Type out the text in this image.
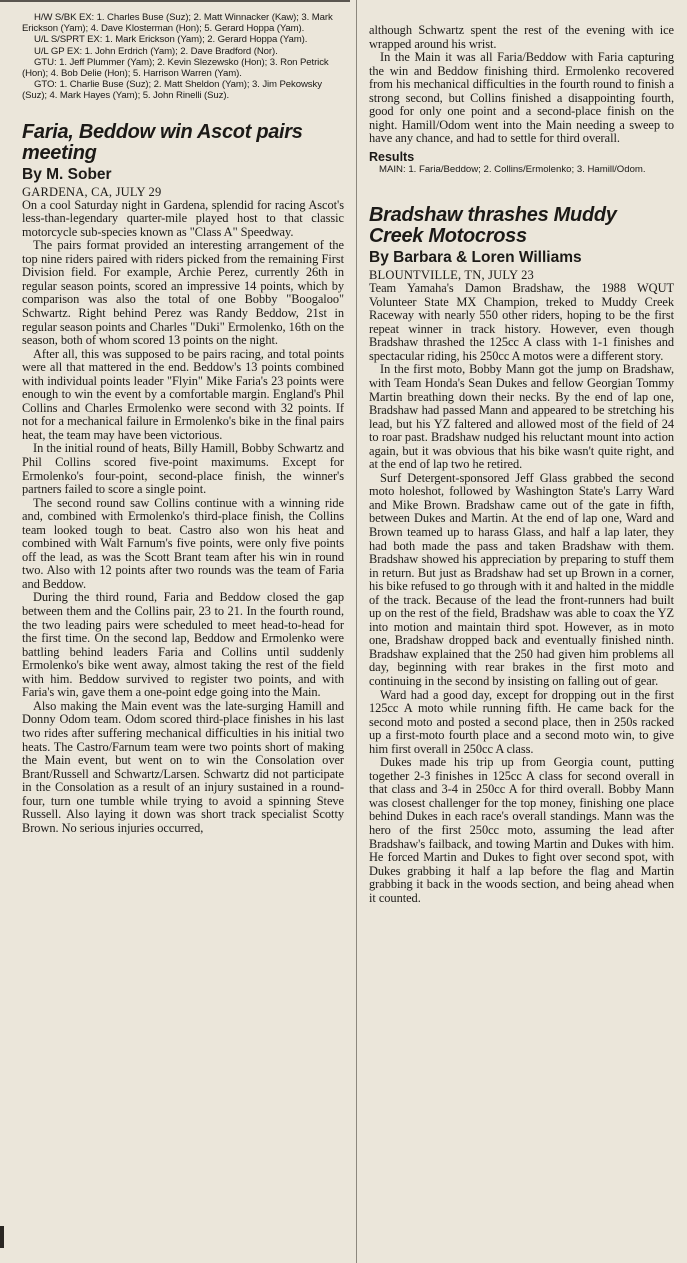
H/W S/BK EX: 1. Charles Buse (Suz); 2. Matt Winnacker (Kaw); 3. Mark Erickson (Yam); 4. Dave Klosterman (Hon); 5. Gerard Hoppa (Yam).

U/L S/SPRT EX: 1. Mark Erickson (Yam); 2. Gerard Hoppa (Yam).

U/L GP EX: 1. John Erdrich (Yam); 2. Dave Bradford (Nor).

GTU: 1. Jeff Plummer (Yam); 2. Kevin Slezewsko (Hon); 3. Ron Petrick (Hon); 4. Bob Delie (Hon); 5. Harrison Warren (Yam).

GTO: 1. Charlie Buse (Suz); 2. Matt Sheldon (Yam); 3. Jim Pekowsky (Suz); 4. Mark Hayes (Yam); 5. John Rinelli (Suz).

Faria, Beddow win Ascot pairs meeting
By M. Sober
GARDENA, CA, JULY 29

On a cool Saturday night in Gardena, splendid for racing Ascot's less-than-legendary quarter-mile played host to that classic motorcycle sub-species known as "Class A" Speedway.

The pairs format provided an interesting arrangement of the top nine riders paired with riders picked from the remaining First Division field. For example, Archie Perez, currently 26th in regular season points, scored an impressive 14 points, which by comparison was also the total of one Bobby "Boogaloo" Schwartz. Right behind Perez was Randy Beddow, 21st in regular season points and Charles "Duki" Ermolenko, 16th on the season, both of whom scored 13 points on the night.

After all, this was supposed to be pairs racing, and total points were all that mattered in the end. Beddow's 13 points combined with individual points leader "Flyin" Mike Faria's 23 points were enough to win the event by a comfortable margin. England's Phil Collins and Charles Ermolenko were second with 32 points. If not for a mechanical failure in Ermolenko's bike in the final pairs heat, the team may have been victorious.

In the initial round of heats, Billy Hamill, Bobby Schwartz and Phil Collins scored five-point maximums. Except for Ermolenko's four-point, second-place finish, the winner's partners failed to score a single point.

The second round saw Collins continue with a winning ride and, combined with Ermolenko's third-place finish, the Collins team looked tough to beat. Castro also won his heat and combined with Walt Farnum's five points, were only five points off the lead, as was the Scott Brant team after his win in round two. Also with 12 points after two rounds was the team of Faria and Beddow.

During the third round, Faria and Beddow closed the gap between them and the Collins pair, 23 to 21. In the fourth round, the two leading pairs were scheduled to meet head-to-head for the first time. On the second lap, Beddow and Ermolenko were battling behind leaders Faria and Collins until suddenly Ermolenko's bike went away, almost taking the rest of the field with him. Beddow survived to register two points, and with Faria's win, gave them a one-point edge going into the Main.

Also making the Main event was the late-surging Hamill and Donny Odom team. Odom scored third-place finishes in his last two rides after suffering mechanical difficulties in his initial two heats. The Castro/Farnum team were two points short of making the Main event, but went on to win the Consolation over Brant/Russell and Schwartz/Larsen. Schwartz did not participate in the Consolation as a result of an injury sustained in a round-four, turn one tumble while trying to avoid a spinning Steve Russell. Also laying it down was short track specialist Scotty Brown. No serious injuries occurred,

although Schwartz spent the rest of the evening with ice wrapped around his wrist.

In the Main it was all Faria/Beddow with Faria capturing the win and Beddow finishing third. Ermolenko recovered from his mechanical difficulties in the fourth round to finish a strong second, but Collins finished a disappointing fourth, good for only one point and a second-place finish on the night. Hamill/Odom went into the Main needing a sweep to have any chance, and had to settle for third overall.

Results

MAIN: 1. Faria/Beddow; 2. Collins/Ermolenko; 3. Hamill/Odom.

Bradshaw thrashes Muddy Creek Motocross
By Barbara & Loren Williams
BLOUNTVILLE, TN, JULY 23

Team Yamaha's Damon Bradshaw, the 1988 WQUT Volunteer State MX Champion, treked to Muddy Creek Raceway with nearly 550 other riders, hoping to be the first repeat winner in track history. However, even though Bradshaw thrashed the 125cc A class with 1-1 finishes and spectacular riding, his 250cc A motos were a different story.

In the first moto, Bobby Mann got the jump on Bradshaw, with Team Honda's Sean Dukes and fellow Georgian Tommy Martin breathing down their necks. By the end of lap one, Bradshaw had passed Mann and appeared to be stretching his lead, but his YZ faltered and allowed most of the field of 24 to roar past. Bradshaw nudged his reluctant mount into action again, but it was obvious that his bike wasn't quite right, and at the end of lap two he retired.

Surf Detergent-sponsored Jeff Glass grabbed the second moto holeshot, followed by Washington State's Larry Ward and Mike Brown. Bradshaw came out of the gate in fifth, between Dukes and Martin. At the end of lap one, Ward and Brown teamed up to harass Glass, and half a lap later, they had both made the pass and taken Bradshaw with them. Bradshaw showed his appreciation by preparing to stuff them in return. But just as Bradshaw had set up Brown in a corner, his bike refused to go through with it and halted in the middle of the track. Because of the lead the front-runners had built up on the rest of the field, Bradshaw was able to coax the YZ into motion and maintain third spot. However, as in moto one, Bradshaw dropped back and eventually finished ninth. Bradshaw explained that the 250 had given him problems all day, beginning with rear brakes in the first moto and continuing in the second by insisting on falling out of gear.

Ward had a good day, except for dropping out in the first 125cc A moto while running fifth. He came back for the second moto and posted a second place, then in 250s racked up a first-moto fourth place and a second moto win, to give him first overall in 250cc A class.

Dukes made his trip up from Georgia count, putting together 2-3 finishes in 125cc A class for second overall in that class and 3-4 in 250cc A for third overall. Bobby Mann was closest challenger for the top money, finishing one place behind Dukes in each race's overall standings. Mann was the hero of the first 250cc moto, assuming the lead after Bradshaw's failback, and towing Martin and Dukes with him. He forced Martin and Dukes to fight over second spot, with Dukes grabbing it half a lap before the flag and Martin grabbing it back in the woods section, and being ahead when it counted.
